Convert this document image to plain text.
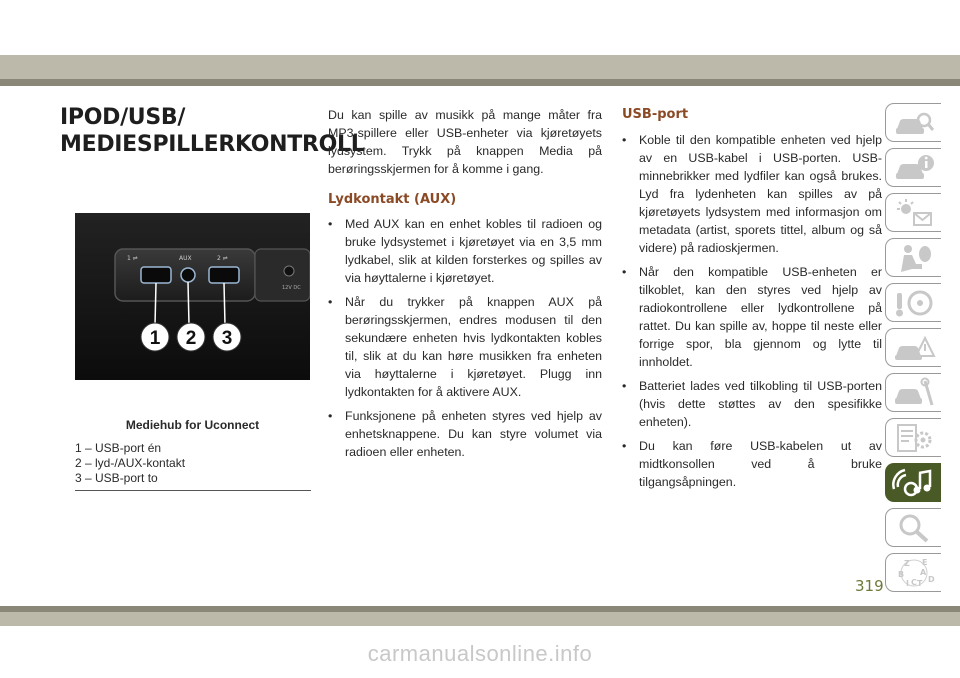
IPOD/USB/
MEDIESPILLERKONTROLL
12V DC
1 ⇌	AUX	2 ⇌
1 2 3
Mediehub for Uconnect
1 – USB-port én
2 – lyd-/AUX-kontakt
3 – USB-port to

Du kan spille av musikk på mange måter fra MP3-spillere eller USB-enheter via kjøretøyets lydsystem. Trykk på knappen Media på berøringsskjermen for å komme i gang.

Lydkontakt (AUX)
• Med AUX kan en enhet kobles til radioen og bruke lydsystemet i kjøretøyet via en 3,5 mm lydkabel, slik at kilden forsterkes og spilles av via høyttalerne i kjøretøyet.
• Når du trykker på knappen AUX på berøringsskjermen, endres modusen til den sekundære enheten hvis lydkontakten kobles til, slik at du kan høre musikken fra enheten via høyttalerne i kjøretøyet. Plugg inn lydkontakten for å aktivere AUX.
• Funksjonene på enheten styres ved hjelp av enhetsknappene. Du kan styre volumet via radioen eller enheten.
USB-port
• Koble til den kompatible enheten ved hjelp av en USB-kabel i USB-porten. USB-minnebrikker med lydfiler kan også brukes. Lyd fra lydenheten kan spilles av på kjøretøyets lydsystem med informasjon om metadata (artist, sporets tittel, album og så videre) på radioskjermen.
• Når den kompatible USB-enheten er tilkoblet, kan den styres ved hjelp av radiokontrollene eller lydkontrollene på rattet. Du kan spille av, hoppe til neste eller forrige spor, bla gjennom og lytte til innholdet.
• Batteriet lades ved tilkobling til USB-porten (hvis dette støttes av den spesifikke enheten).
• Du kan føre USB-kabelen ut av midtkonsollen ved å bruke tilgangsåpningen.
Z E
B A
I C T D
319
carmanualsonline.info
